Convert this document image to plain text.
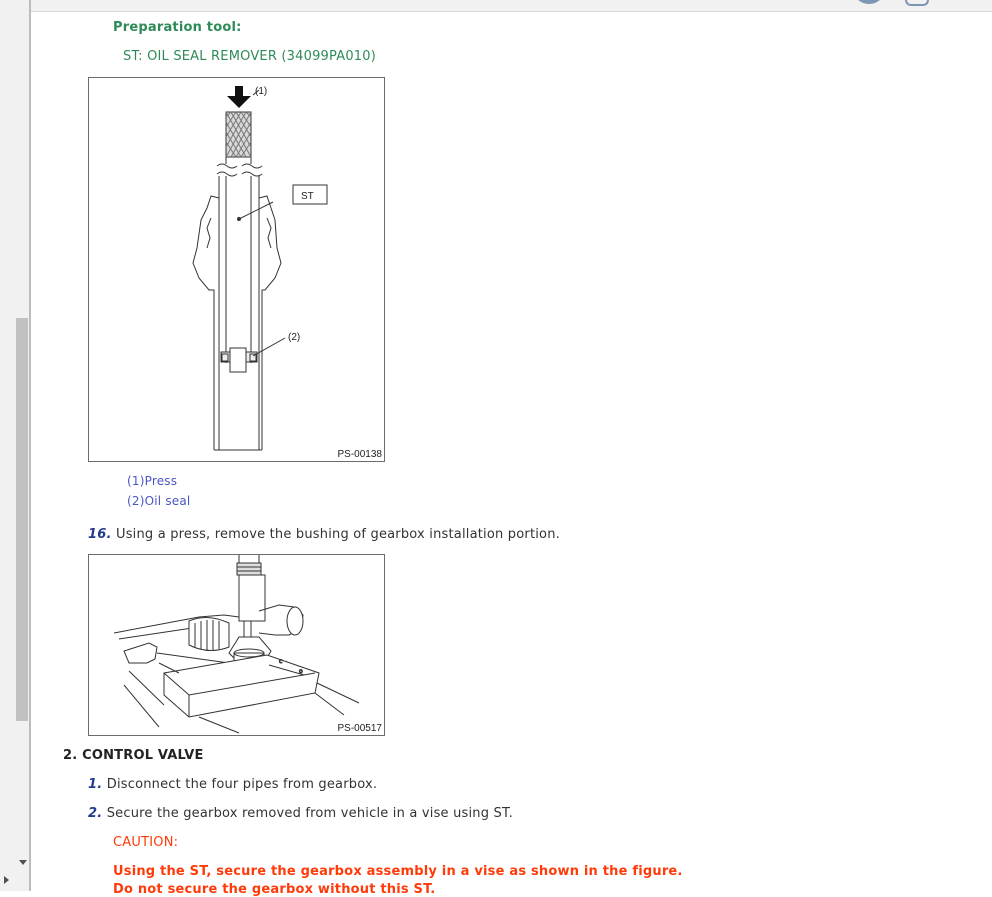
Preparation tool:
ST: OIL SEAL REMOVER (34099PA010)
ST
(1)
(2)
PS-00138
(1)Press
(2)Oil seal
16. Using a press, remove the bushing of gearbox installation portion.
c
o
PS-00517
2. CONTROL VALVE
1. Disconnect the four pipes from gearbox.
2. Secure the gearbox removed from vehicle in a vise using ST.
CAUTION:
Using the ST, secure the gearbox assembly in a vise as shown in the figure.
Do not secure the gearbox without this ST.
